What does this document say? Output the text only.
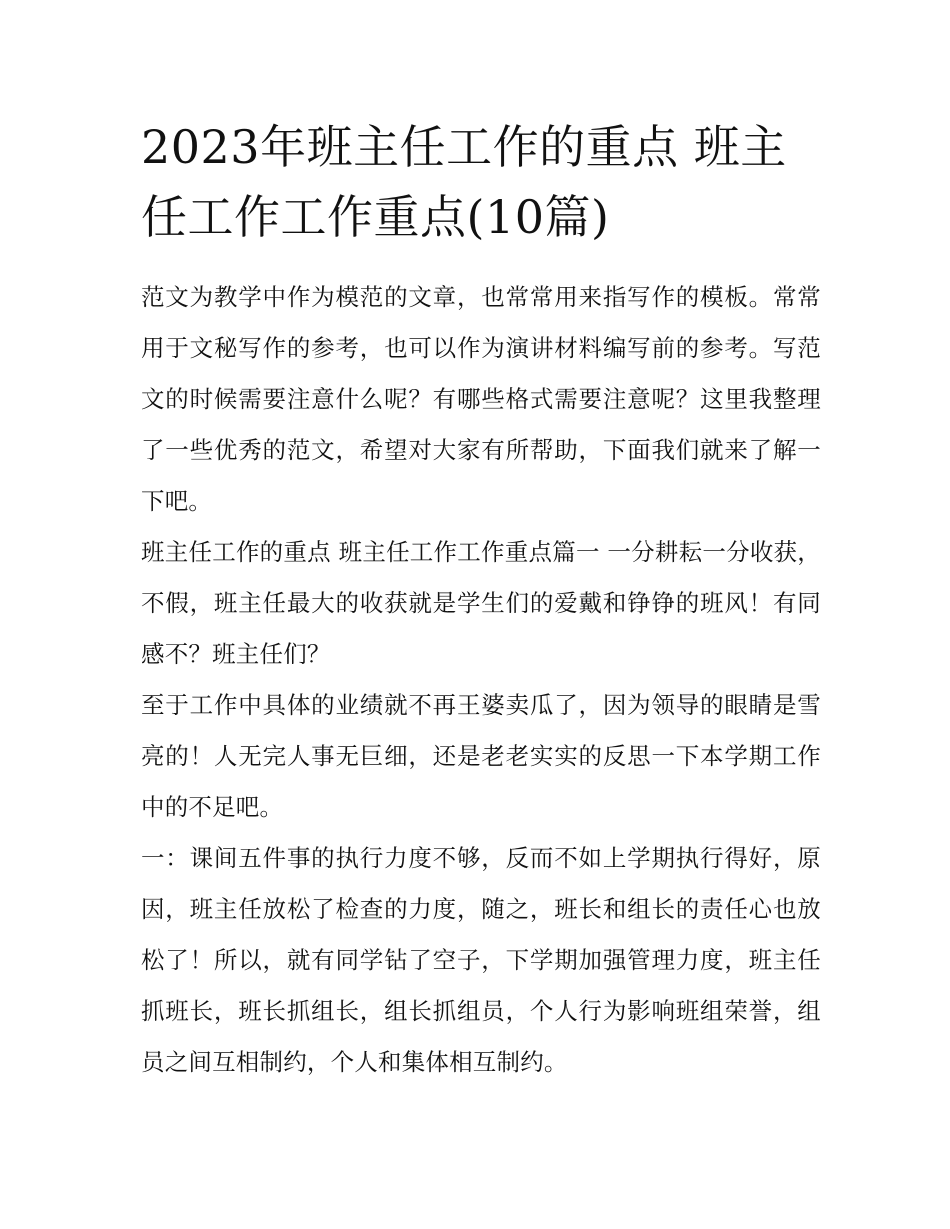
2023年班主任工作的重点 班主任工作工作重点(10篇)

范文为教学中作为模范的文章，也常常用来指写作的模板。常常用于文秘写作的参考，也可以作为演讲材料编写前的参考。写范文的时候需要注意什么呢？有哪些格式需要注意呢？这里我整理了一些优秀的范文，希望对大家有所帮助，下面我们就来了解一下吧。

班主任工作的重点 班主任工作工作重点篇一 一分耕耘一分收获，不假，班主任最大的收获就是学生们的爱戴和铮铮的班风！有同感不？班主任们？

至于工作中具体的业绩就不再王婆卖瓜了，因为领导的眼睛是雪亮的！人无完人事无巨细，还是老老实实的反思一下本学期工作中的不足吧。

一：课间五件事的执行力度不够，反而不如上学期执行得好，原因，班主任放松了检查的力度，随之，班长和组长的责任心也放松了！所以，就有同学钻了空子，下学期加强管理力度，班主任抓班长，班长抓组长，组长抓组员，个人行为影响班组荣誉，组员之间互相制约，个人和集体相互制约。
